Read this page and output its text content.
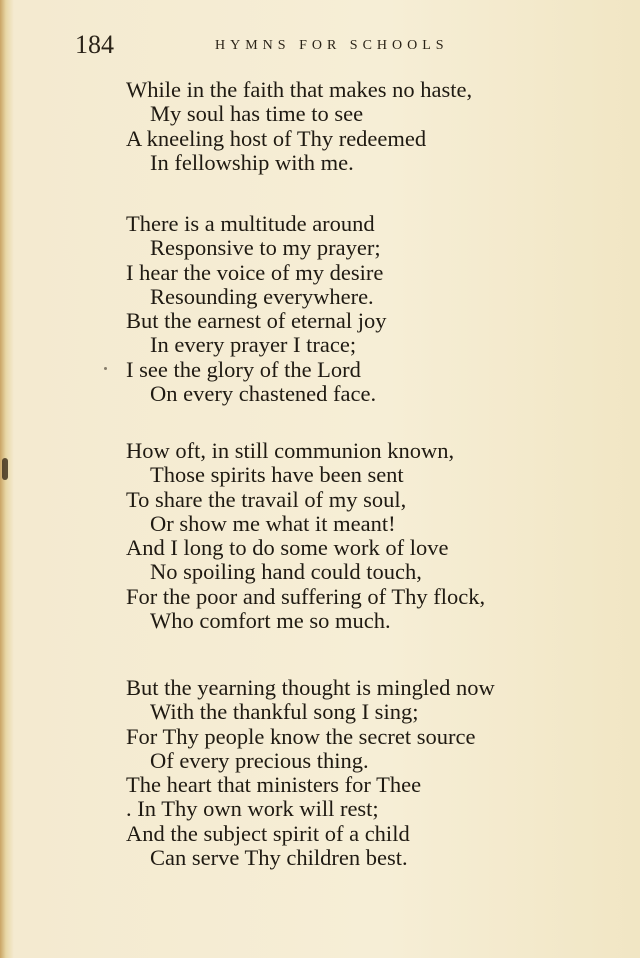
184	HYMNS FOR SCHOOLS
While in the faith that makes no haste,
My soul has time to see
A kneeling host of Thy redeemed
In fellowship with me.
There is a multitude around
Responsive to my prayer;
I hear the voice of my desire
Resounding everywhere.
But the earnest of eternal joy
In every prayer I trace;
I see the glory of the Lord
On every chastened face.
How oft, in still communion known,
Those spirits have been sent
To share the travail of my soul,
Or show me what it meant!
And I long to do some work of love
No spoiling hand could touch,
For the poor and suffering of Thy flock,
Who comfort me so much.
But the yearning thought is mingled now
With the thankful song I sing;
For Thy people know the secret source
Of every precious thing.
The heart that ministers for Thee
. In Thy own work will rest;
And the subject spirit of a child
Can serve Thy children best.
